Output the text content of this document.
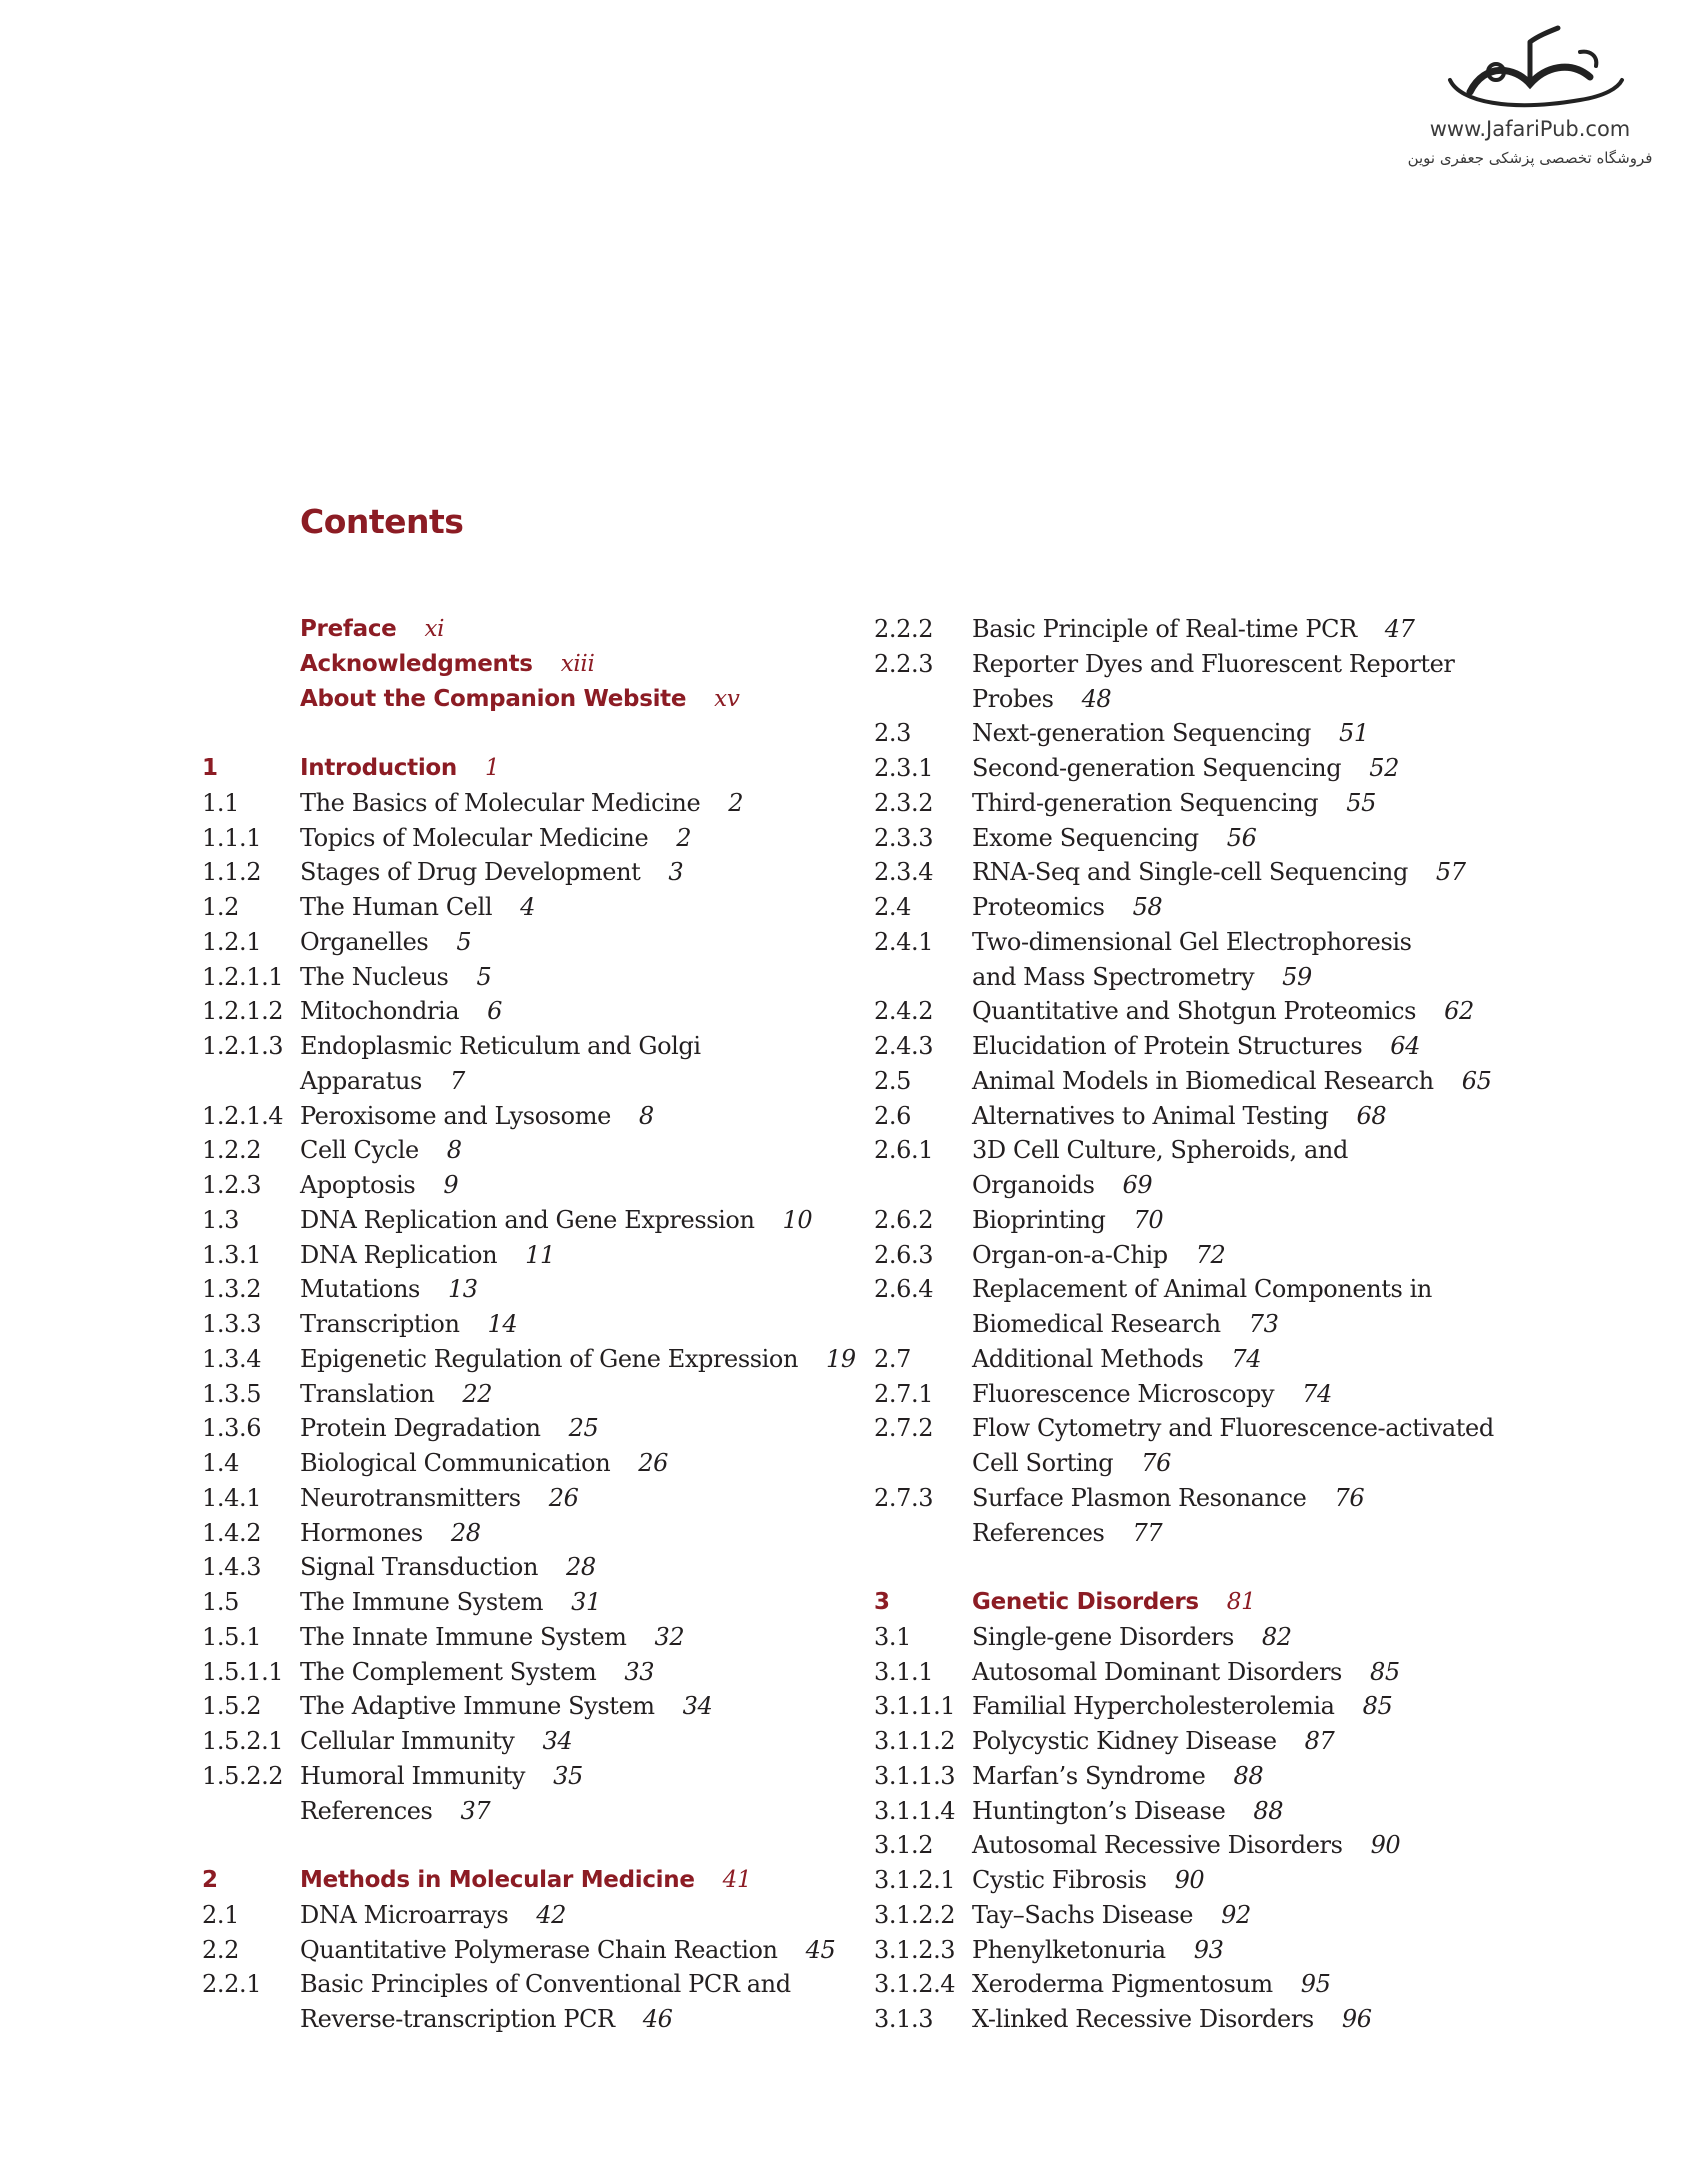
www.JafariPub.com
فروشگاه تخصصی پزشکی جعفری نوین
Contents
Preface xi
Acknowledgments xiii
About the Companion Website xv
1	Introduction 1
1.1	The Basics of Molecular Medicine 2
1.1.1	Topics of Molecular Medicine 2
1.1.2	Stages of Drug Development 3
1.2	The Human Cell 4
1.2.1	Organelles 5
1.2.1.1 The Nucleus 5
1.2.1.2 Mitochondria 6
1.2.1.3 Endoplasmic Reticulum and Golgi
Apparatus 7
1.2.1.4 Peroxisome and Lysosome 8
1.2.2	Cell Cycle 8
1.2.3	Apoptosis 9
1.3	DNA Replication and Gene Expression 10
1.3.1	DNA Replication 11
1.3.2	Mutations 13
1.3.3	Transcription 14
1.3.4	Epigenetic Regulation of Gene Expression 19
1.3.5	Translation 22
1.3.6	Protein Degradation 25
1.4	Biological Communication 26
1.4.1	Neurotransmitters 26
1.4.2	Hormones 28
1.4.3	Signal Transduction 28
1.5	The Immune System 31
1.5.1	The Innate Immune System 32
1.5.1.1 The Complement System 33
1.5.2	The Adaptive Immune System 34
1.5.2.1 Cellular Immunity 34
1.5.2.2 Humoral Immunity 35
References 37
2	Methods in Molecular Medicine 41
2.1	DNA Microarrays 42
2.2	Quantitative Polymerase Chain Reaction 45
2.2.1	Basic Principles of Conventional PCR and
Reverse-transcription PCR 46
2.2.2	Basic Principle of Real-time PCR 47
2.2.3	Reporter Dyes and Fluorescent Reporter
Probes 48
2.3	Next-generation Sequencing 51
2.3.1	Second-generation Sequencing 52
2.3.2	Third-generation Sequencing 55
2.3.3	Exome Sequencing 56
2.3.4	RNA-Seq and Single-cell Sequencing 57
2.4	Proteomics 58
2.4.1	Two-dimensional Gel Electrophoresis
and Mass Spectrometry 59
2.4.2	Quantitative and Shotgun Proteomics 62
2.4.3	Elucidation of Protein Structures 64
2.5	Animal Models in Biomedical Research 65
2.6	Alternatives to Animal Testing 68
2.6.1	3D Cell Culture, Spheroids, and
Organoids 69
2.6.2	Bioprinting 70
2.6.3	Organ-on-a-Chip 72
2.6.4	Replacement of Animal Components in
Biomedical Research 73
2.7	Additional Methods 74
2.7.1	Fluorescence Microscopy 74
2.7.2	Flow Cytometry and Fluorescence-activated
Cell Sorting 76
2.7.3	Surface Plasmon Resonance 76
References 77
3	Genetic Disorders 81
3.1	Single-gene Disorders 82
3.1.1	Autosomal Dominant Disorders 85
3.1.1.1 Familial Hypercholesterolemia 85
3.1.1.2 Polycystic Kidney Disease 87
3.1.1.3 Marfan’s Syndrome 88
3.1.1.4 Huntington’s Disease 88
3.1.2	Autosomal Recessive Disorders 90
3.1.2.1 Cystic Fibrosis 90
3.1.2.2 Tay–Sachs Disease 92
3.1.2.3 Phenylketonuria 93
3.1.2.4 Xeroderma Pigmentosum 95
3.1.3	X-linked Recessive Disorders 96
